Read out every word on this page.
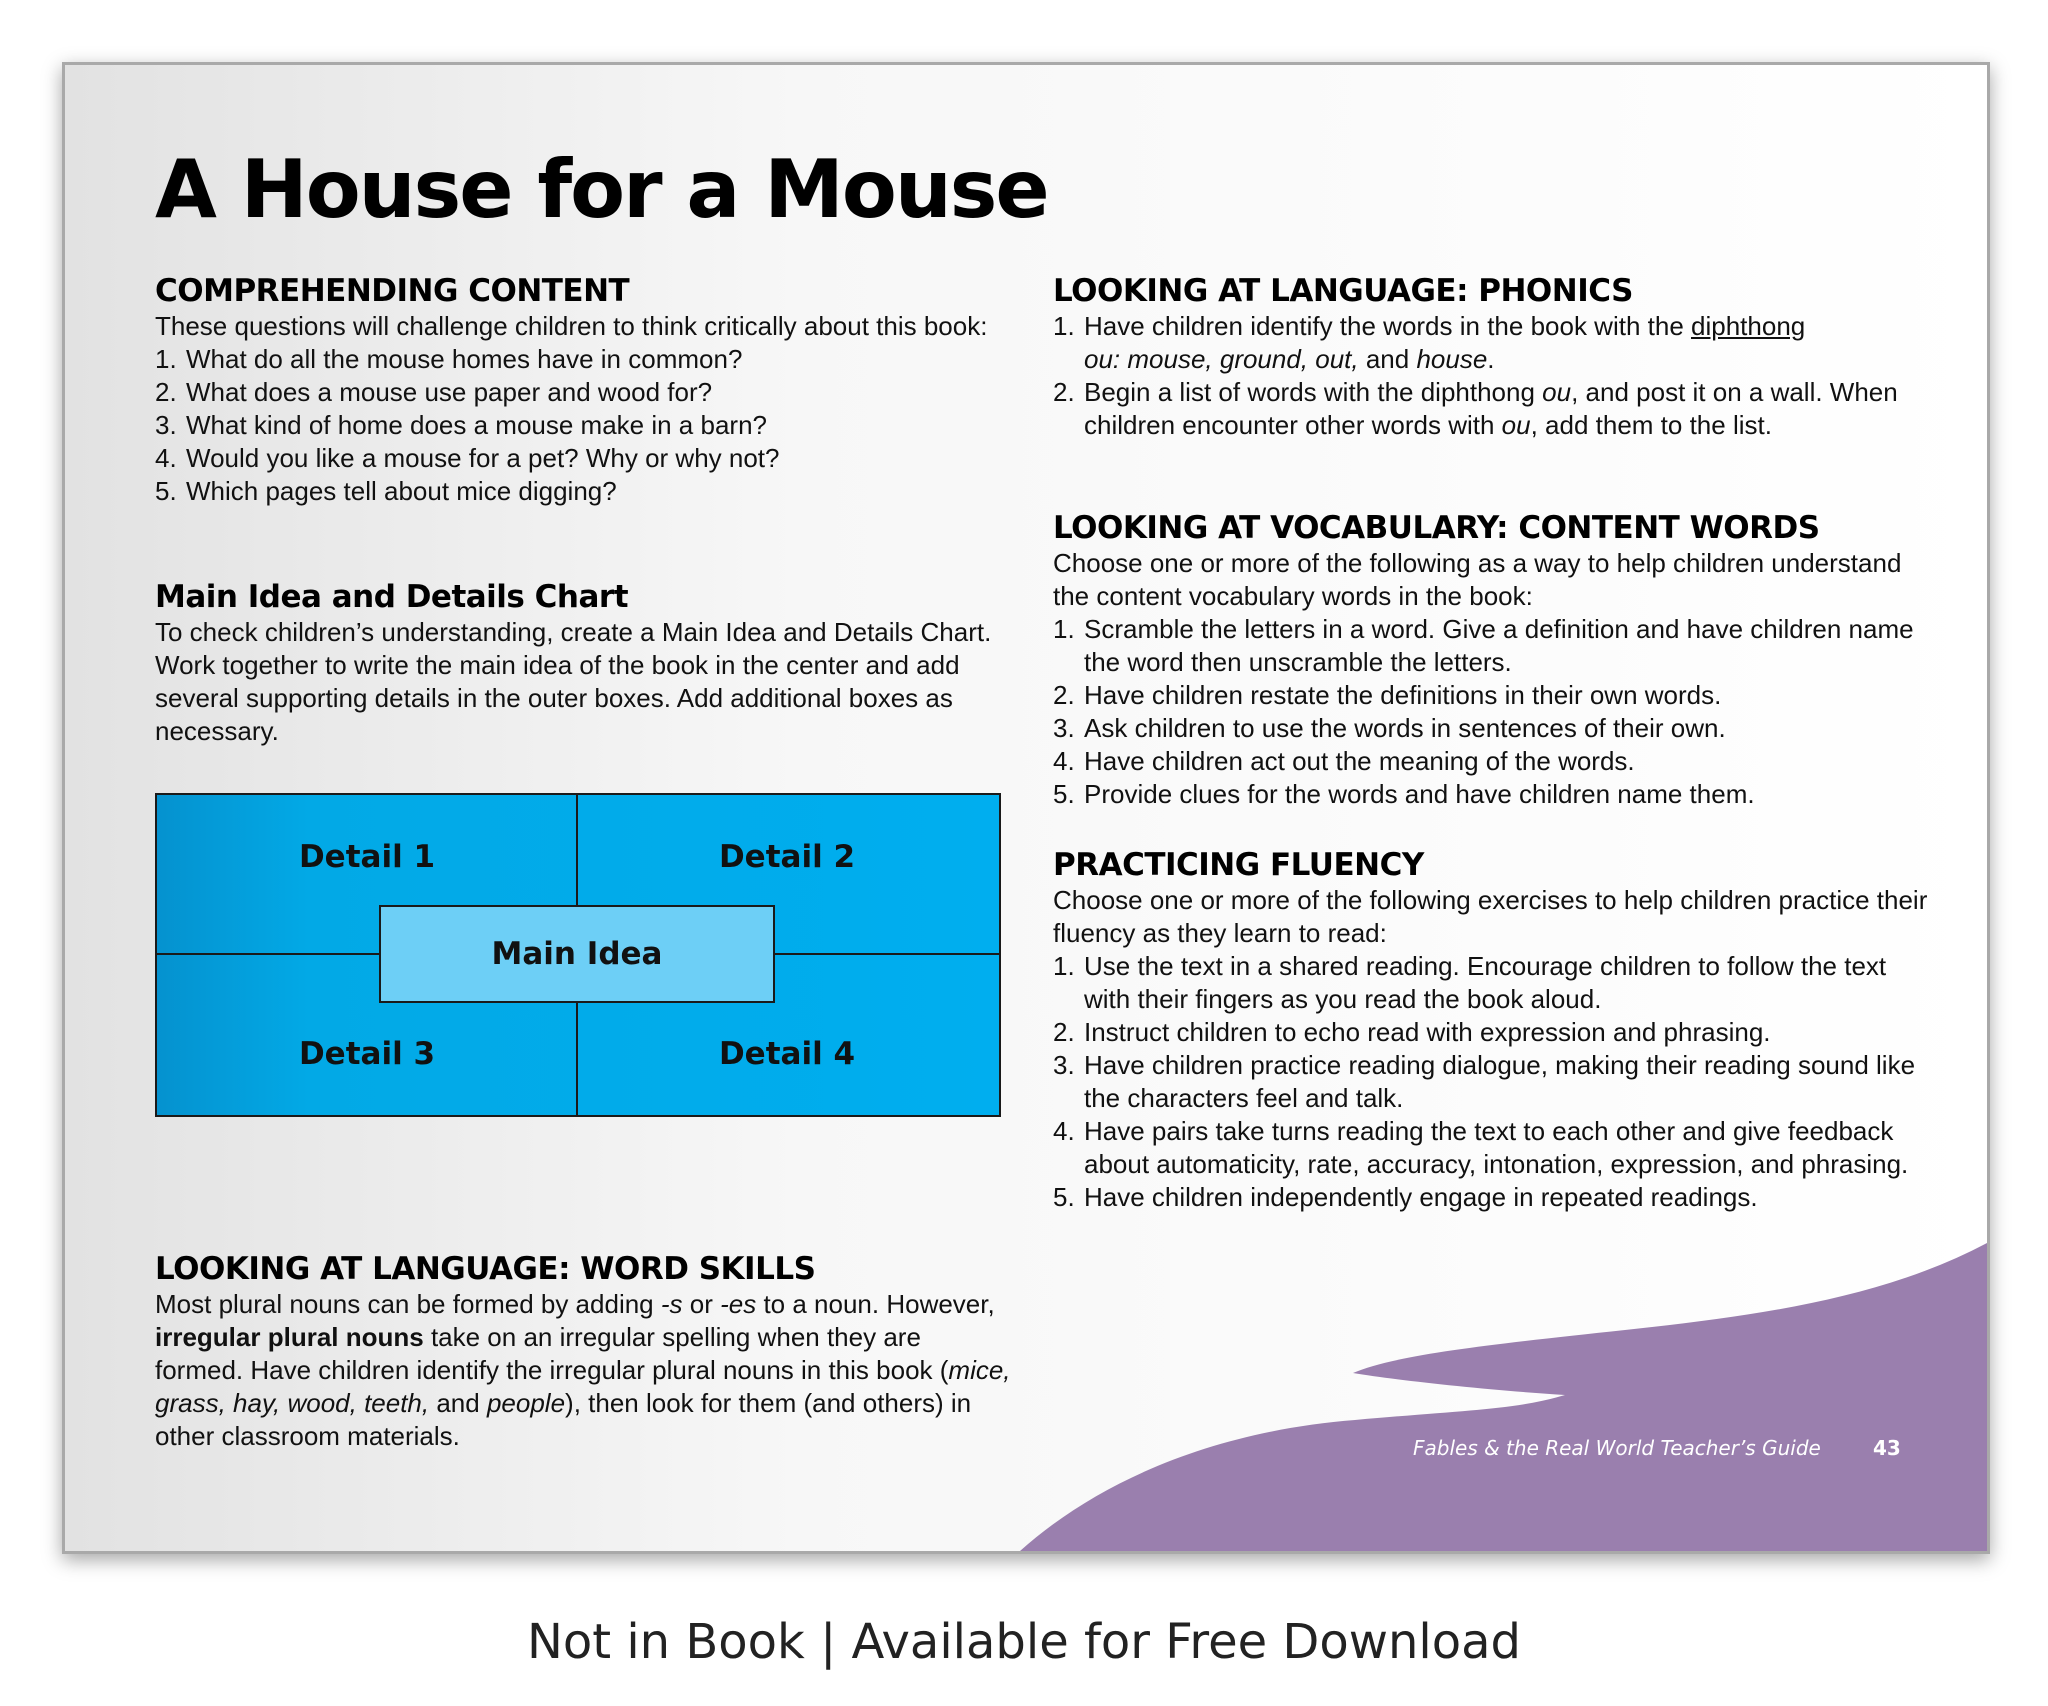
A House for a Mouse
COMPREHENDING CONTENT

These questions will challenge children to think critically about this book:

1. What do all the mouse homes have in common?
2. What does a mouse use paper and wood for?
3. What kind of home does a mouse make in a barn?
4. Would you like a mouse for a pet? Why or why not?
5. Which pages tell about mice digging?
Main Idea and Details Chart

To check children’s understanding, create a Main Idea and Details Chart. Work together to write the main idea of the book in the center and add several supporting details in the outer boxes. Add additional boxes as necessary.

Detail 1	Detail 2
Main Idea
Detail 3	Detail 4
LOOKING AT LANGUAGE: WORD SKILLS

Most plural nouns can be formed by adding -s or -es to a noun. However, irregular plural nouns take on an irregular spelling when they are formed. Have children identify the irregular plural nouns in this book (mice, grass, hay, wood, teeth, and people), then look for them (and others) in other classroom materials.

LOOKING AT LANGUAGE: PHONICS
1. Have children identify the words in the book with the diphthong
ou: mouse, ground, out, and house.
2. Begin a list of words with the diphthong ou, and post it on a wall. When children encounter other words with ou, add them to the list.
LOOKING AT VOCABULARY: CONTENT WORDS

Choose one or more of the following as a way to help children understand the content vocabulary words in the book:

1. Scramble the letters in a word. Give a definition and have children name the word then unscramble the letters.
2. Have children restate the definitions in their own words.
3. Ask children to use the words in sentences of their own.
4. Have children act out the meaning of the words.
5. Provide clues for the words and have children name them.
PRACTICING FLUENCY

Choose one or more of the following exercises to help children practice their fluency as they learn to read:

1. Use the text in a shared reading. Encourage children to follow the text with their fingers as you read the book aloud.
2. Instruct children to echo read with expression and phrasing.
3. Have children practice reading dialogue, making their reading sound like the characters feel and talk.
4. Have pairs take turns reading the text to each other and give feedback about automaticity, rate, accuracy, intonation, expression, and phrasing.
5. Have children independently engage in repeated readings.
Fables & the Real World Teacher’s Guide	43
Not in Book | Available for Free Download
